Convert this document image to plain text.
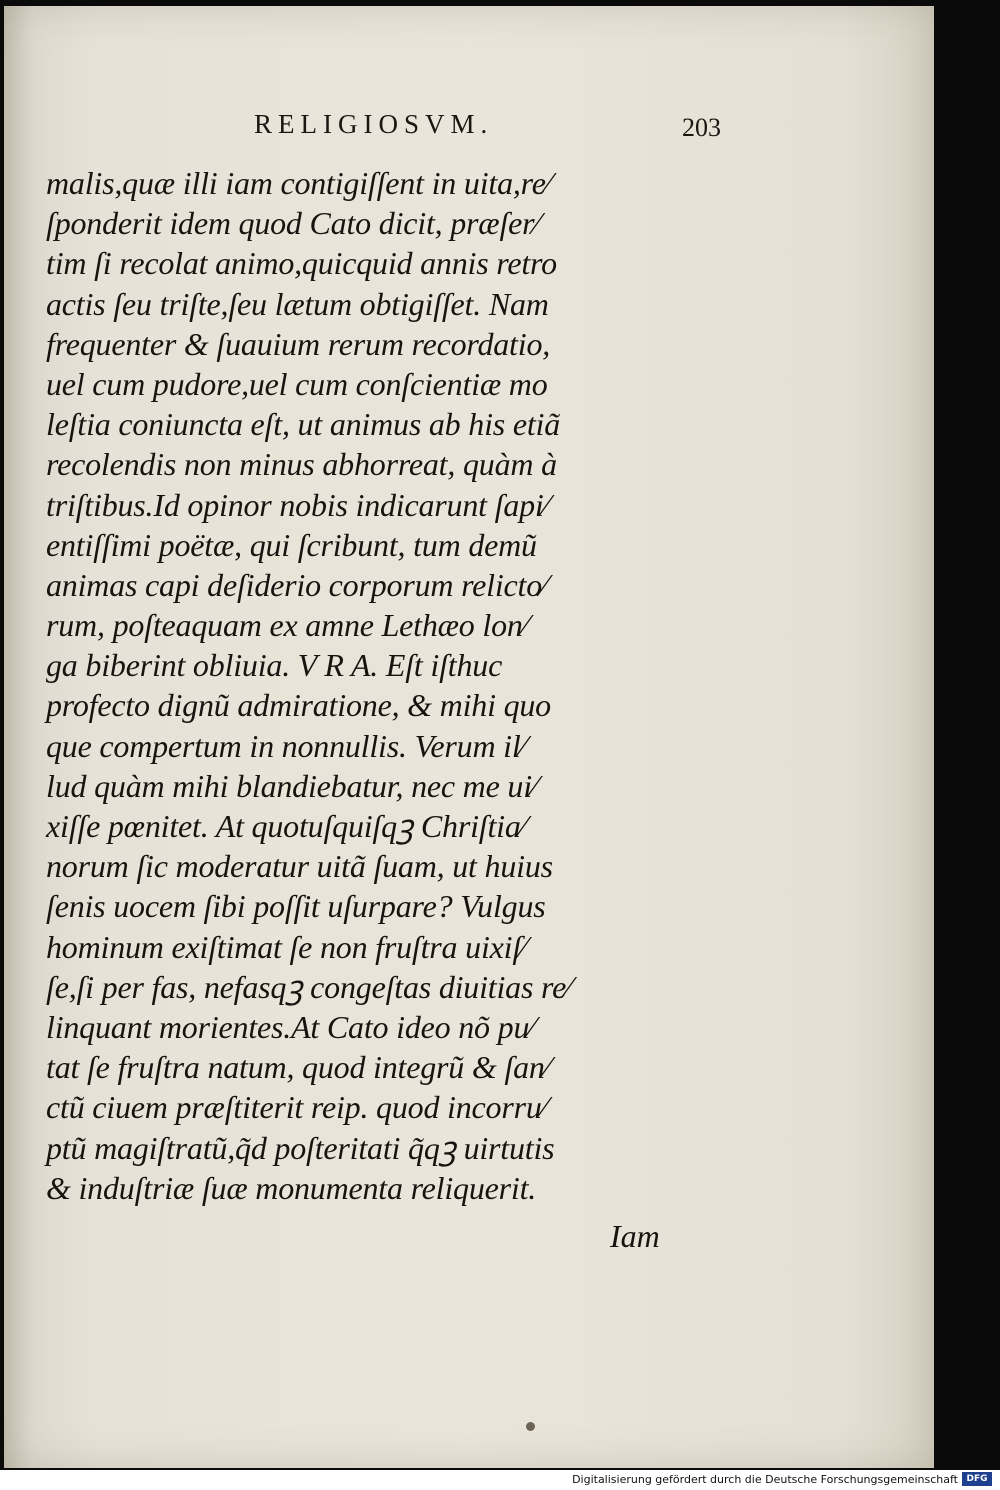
RELIGIOSVM.	203
malis,quæ illi iam contigiſſent in uita,re⁄
ſponderit idem quod Cato dicit, præſer⁄
tim ſi recolat animo,quicquid annis retro
actis ſeu triſte,ſeu lætum obtigiſſet. Nam
frequenter & ſuauium rerum recordatio,
uel cum pudore,uel cum conſcientiæ mo
leſtia coniuncta eſt, ut animus ab his etiã
recolendis non minus abhorreat, quàm à
triſtibus.Id opinor nobis indicarunt ſapi⁄
entiſſimi poëtæ, qui ſcribunt, tum demũ
animas capi deſiderio corporum relicto⁄
rum, poſteaquam ex amne Lethæo lon⁄
ga biberint obliuia. V R A. Eſt iſthuc
profecto dignũ admiratione, & mihi quo
que compertum in nonnullis. Verum il⁄
lud quàm mihi blandiebatur, nec me ui⁄
xiſſe pœnitet. At quotuſquiſqꝫ Chriſtia⁄
norum ſic moderatur uitã ſuam, ut huius
ſenis uocem ſibi poſſit uſurpare? Vulgus
hominum exiſtimat ſe non fruſtra uixiſ⁄
ſe,ſi per fas, nefasqꝫ congeſtas diuitias re⁄
linquant morientes.At Cato ideo nõ pu⁄
tat ſe fruſtra natum, quod integrũ & ſan⁄
ctũ ciuem præſtiterit reip. quod incorru⁄
ptũ magiſtratũ,q̃d poſteritati q̃qꝫ uirtutis
& induſtriæ ſuæ monumenta reliquerit.
Iam
Digitalisierung gefördert durch die Deutsche Forschungsgemeinschaft DFG
